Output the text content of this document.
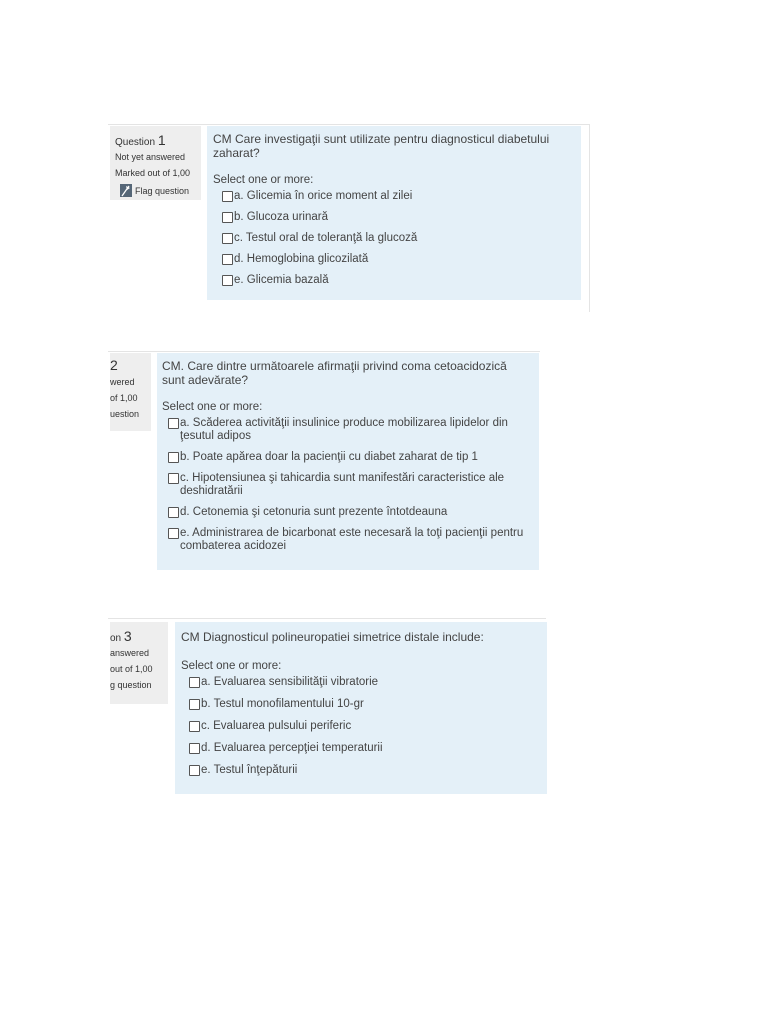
Question 1
Not yet answered
Marked out of 1,00
Flag question
CM Care investigaţii sunt utilizate pentru diagnosticul diabetului zaharat?
Select one or more:
a. Glicemia în orice moment al zilei
b. Glucoza urinară
c. Testul oral de toleranţă la glucoză
d. Hemoglobina glicozilată
e. Glicemia bazală
2
wered
of 1,00
uestion
CM. Care dintre următoarele afirmaţii privind coma cetoacidozică sunt adevărate?
Select one or more:
a. Scăderea activităţii insulinice produce mobilizarea lipidelor din ţesutul adipos
b. Poate apărea doar la pacienţii cu diabet zaharat de tip 1
c. Hipotensiunea şi tahicardia sunt manifestări caracteristice ale deshidratării
d. Cetonemia şi cetonuria sunt prezente întotdeauna
e. Administrarea de bicarbonat este necesară la toţi pacienţii pentru combaterea acidozei
on 3
answered
out of 1,00
g question
CM Diagnosticul polineuropatiei simetrice distale include:
Select one or more:
a. Evaluarea sensibilităţii vibratorie
b. Testul monofilamentului 10-gr
c. Evaluarea pulsului periferic
d. Evaluarea percepţiei temperaturii
e. Testul înţepăturii
